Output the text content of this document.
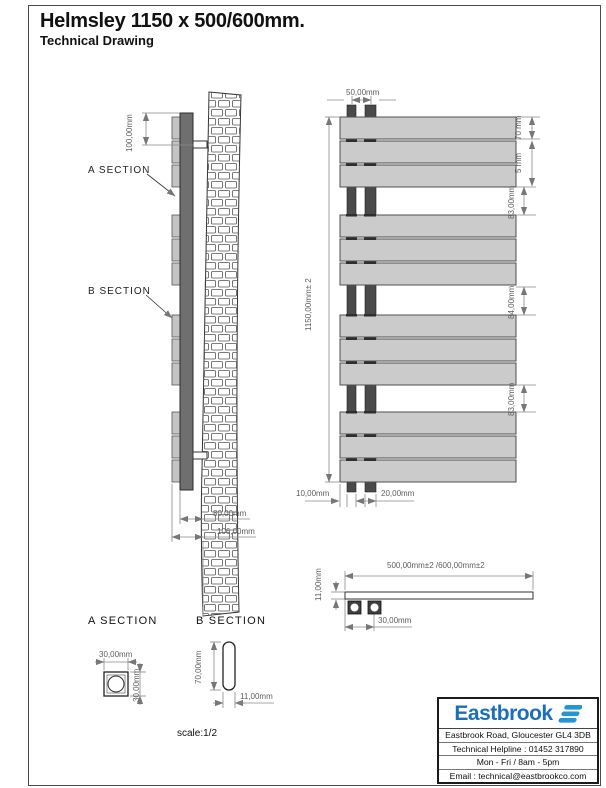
Helmsley 1150 x 500/600mm.
Technical Drawing
100,00mm
A SECTION
B SECTION
80,00mm
106,00mm
50,00mm
1150,00mm± 2
70 mm
5 mm
83,00mm
84,00mm
83,00mm
10,00mm	20,00mm
500,00mm±2 /600,00mm±2
11,00mm
30,00mm
A SECTION	B SECTION
30,00mm
30,00mm
70,00mm
11,00mm
scale:1/2
Eastbrook
Eastbrook Road, Gloucester GL4 3DB
Technical Helpline : 01452 317890
Mon - Fri / 8am - 5pm
Email : technical@eastbrookco.com
